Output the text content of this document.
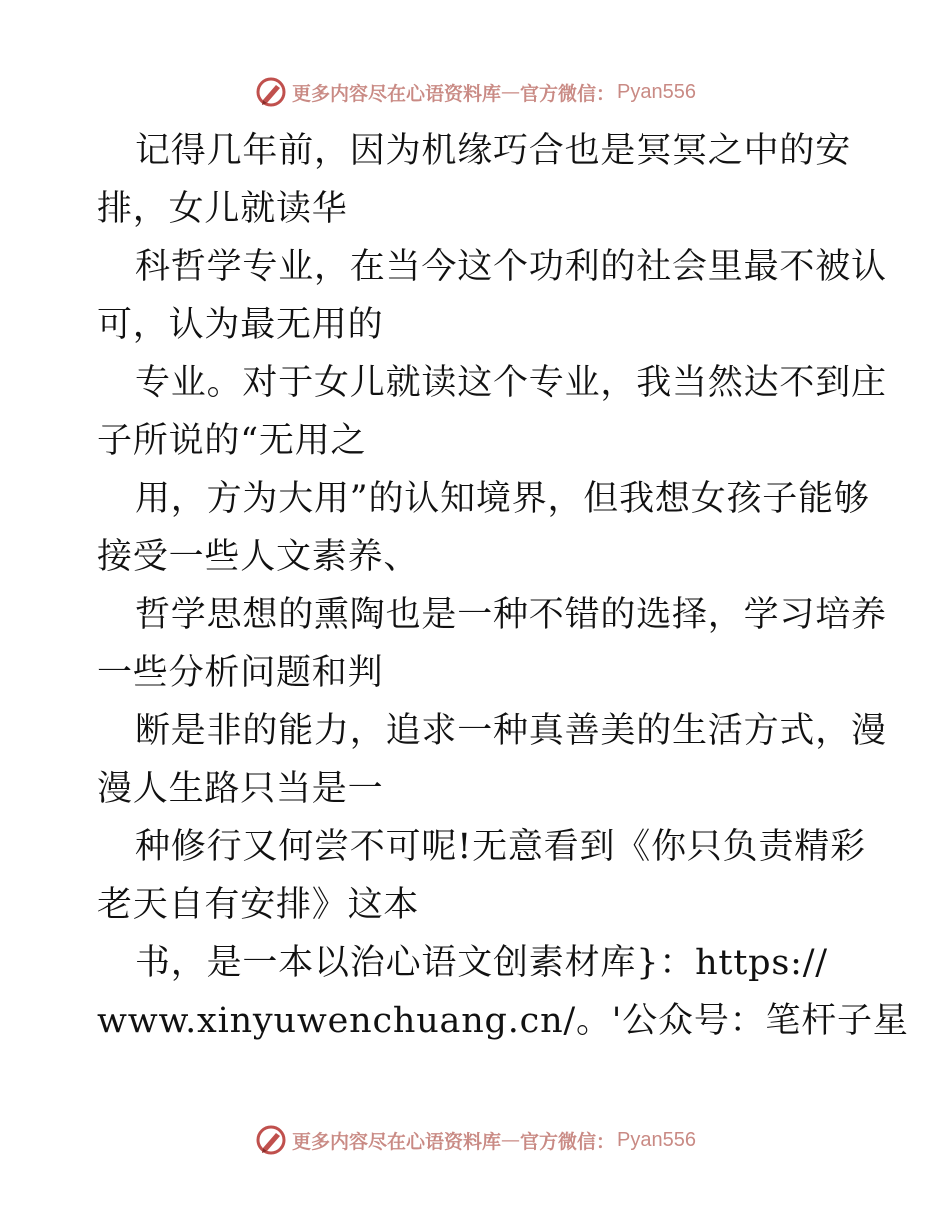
更多内容尽在心语资料库 — 官方微信： Pyan556
记得几年前，因为机缘巧合也是冥冥之中的安
排，女儿就读华
科哲学专业，在当今这个功利的社会里最不被认
可，认为最无用的
专业。对于女儿就读这个专业，我当然达不到庄
子所说的“无用之
用，方为大用”的认知境界，但我想女孩子能够
接受一些人文素养、
哲学思想的熏陶也是一种不错的选择，学习培养
一些分析问题和判
断是非的能力，追求一种真善美的生活方式，漫
漫人生路只当是一
种修行又何尝不可呢!无意看到《你只负责精彩
老天自有安排》这本
书，是一本以治心语文创素材库}：https://
www.xinyuwenchuang.cn/。'公众号：笔杆子星
更多内容尽在心语资料库 — 官方微信： Pyan556
